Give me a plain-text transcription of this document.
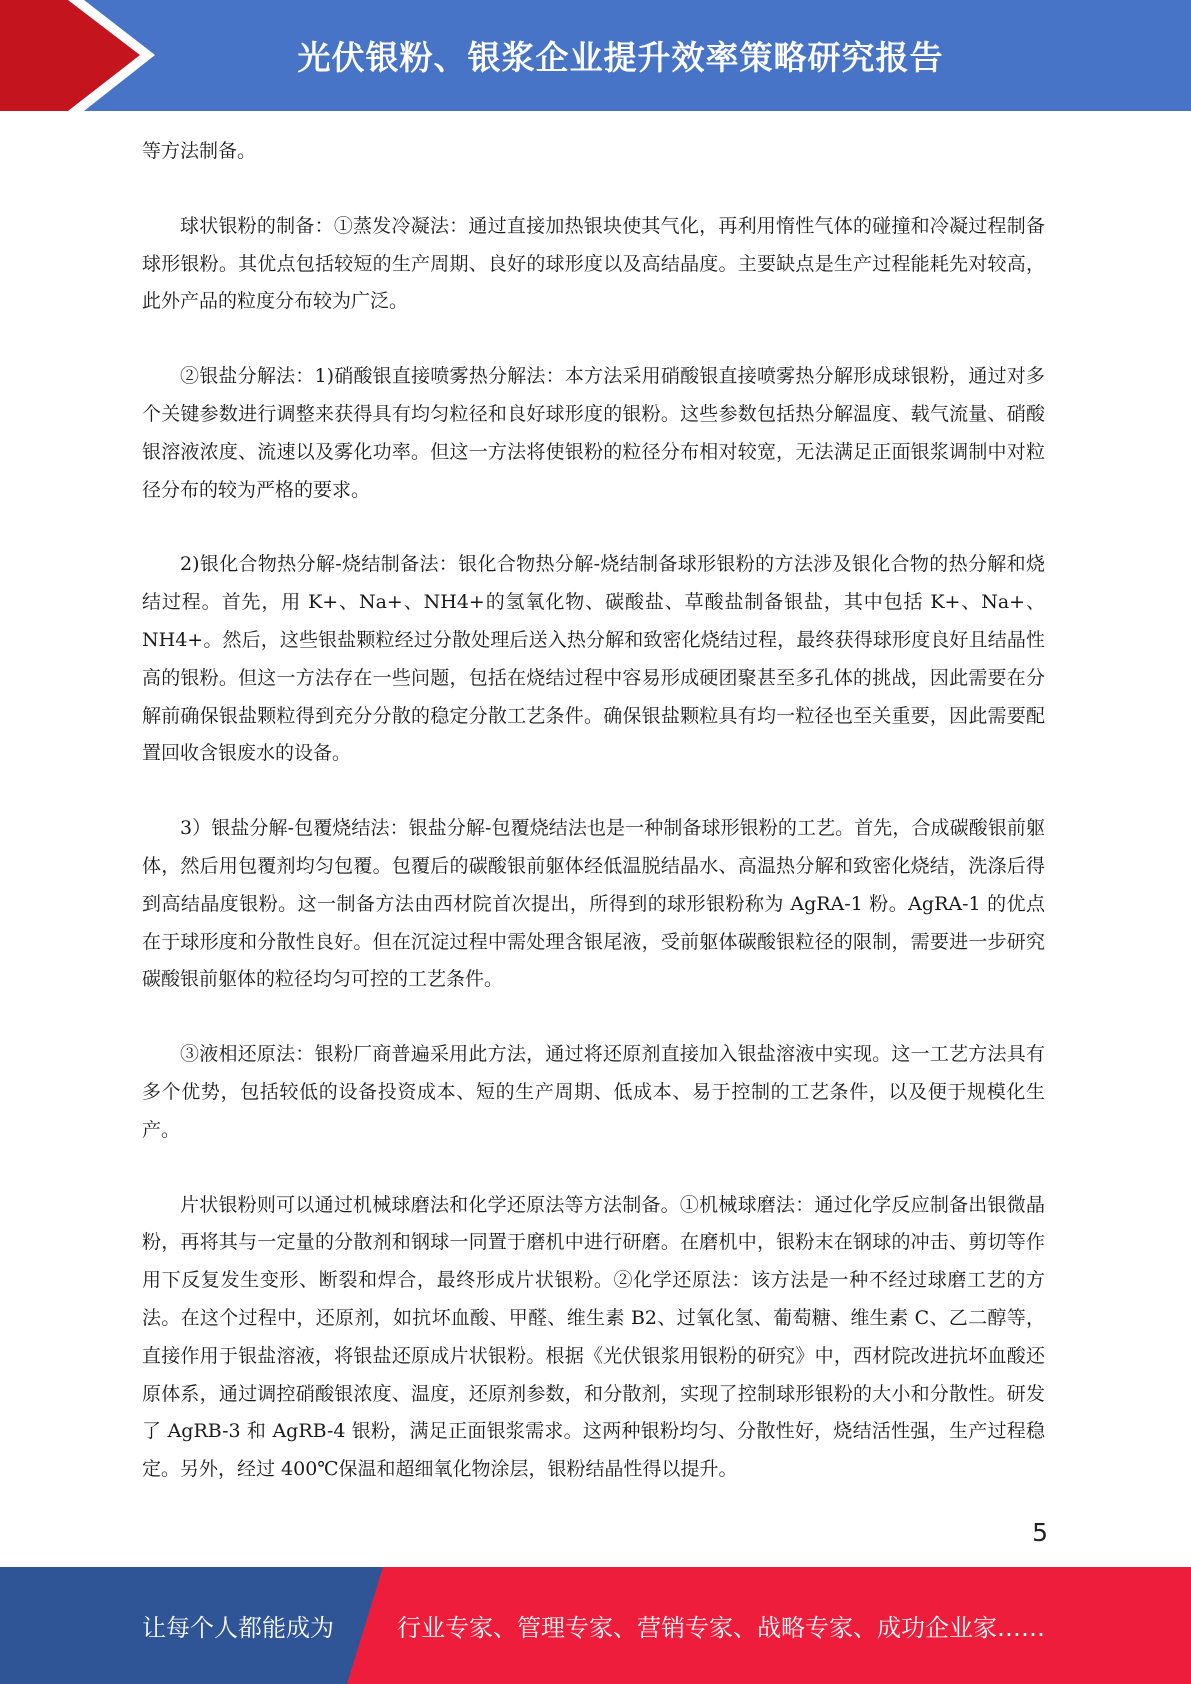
光伏银粉、银浆企业提升效率策略研究报告

等方法制备。

球状银粉的制备：①蒸发冷凝法：通过直接加热银块使其气化，再利用惰性气体的碰撞和冷凝过程制备球形银粉。其优点包括较短的生产周期、良好的球形度以及高结晶度。主要缺点是生产过程能耗先对较高，此外产品的粒度分布较为广泛。

②银盐分解法：1)硝酸银直接喷雾热分解法：本方法采用硝酸银直接喷雾热分解形成球银粉，通过对多个关键参数进行调整来获得具有均匀粒径和良好球形度的银粉。这些参数包括热分解温度、载气流量、硝酸银溶液浓度、流速以及雾化功率。但这一方法将使银粉的粒径分布相对较宽，无法满足正面银浆调制中对粒径分布的较为严格的要求。

2)银化合物热分解-烧结制备法：银化合物热分解-烧结制备球形银粉的方法涉及银化合物的热分解和烧结过程。首先，用 K+、Na+、NH4+的氢氧化物、碳酸盐、草酸盐制备银盐，其中包括 K+、Na+、NH4+。然后，这些银盐颗粒经过分散处理后送入热分解和致密化烧结过程，最终获得球形度良好且结晶性高的银粉。但这一方法存在一些问题，包括在烧结过程中容易形成硬团聚甚至多孔体的挑战，因此需要在分解前确保银盐颗粒得到充分分散的稳定分散工艺条件。确保银盐颗粒具有均一粒径也至关重要，因此需要配置回收含银废水的设备。

3）银盐分解-包覆烧结法：银盐分解-包覆烧结法也是一种制备球形银粉的工艺。首先，合成碳酸银前躯体，然后用包覆剂均匀包覆。包覆后的碳酸银前躯体经低温脱结晶水、高温热分解和致密化烧结，洗涤后得到高结晶度银粉。这一制备方法由西材院首次提出，所得到的球形银粉称为 AgRA-1 粉。AgRA-1 的优点在于球形度和分散性良好。但在沉淀过程中需处理含银尾液，受前躯体碳酸银粒径的限制，需要进一步研究碳酸银前躯体的粒径均匀可控的工艺条件。

③液相还原法：银粉厂商普遍采用此方法，通过将还原剂直接加入银盐溶液中实现。这一工艺方法具有多个优势，包括较低的设备投资成本、短的生产周期、低成本、易于控制的工艺条件，以及便于规模化生产。

片状银粉则可以通过机械球磨法和化学还原法等方法制备。①机械球磨法：通过化学反应制备出银微晶粉，再将其与一定量的分散剂和钢球一同置于磨机中进行研磨。在磨机中，银粉末在钢球的冲击、剪切等作用下反复发生变形、断裂和焊合，最终形成片状银粉。②化学还原法：该方法是一种不经过球磨工艺的方法。在这个过程中，还原剂，如抗坏血酸、甲醛、维生素 B2、过氧化氢、葡萄糖、维生素 C、乙二醇等，直接作用于银盐溶液，将银盐还原成片状银粉。根据《光伏银浆用银粉的研究》中，西材院改进抗坏血酸还原体系，通过调控硝酸银浓度、温度，还原剂参数，和分散剂，实现了控制球形银粉的大小和分散性。研发了 AgRB-3 和 AgRB-4 银粉，满足正面银浆需求。这两种银粉均匀、分散性好，烧结活性强，生产过程稳定。另外，经过 400℃保温和超细氧化物涂层，银粉结晶性得以提升。

5
让每个人都能成为	行业专家、管理专家、营销专家、战略专家、成功企业家……
